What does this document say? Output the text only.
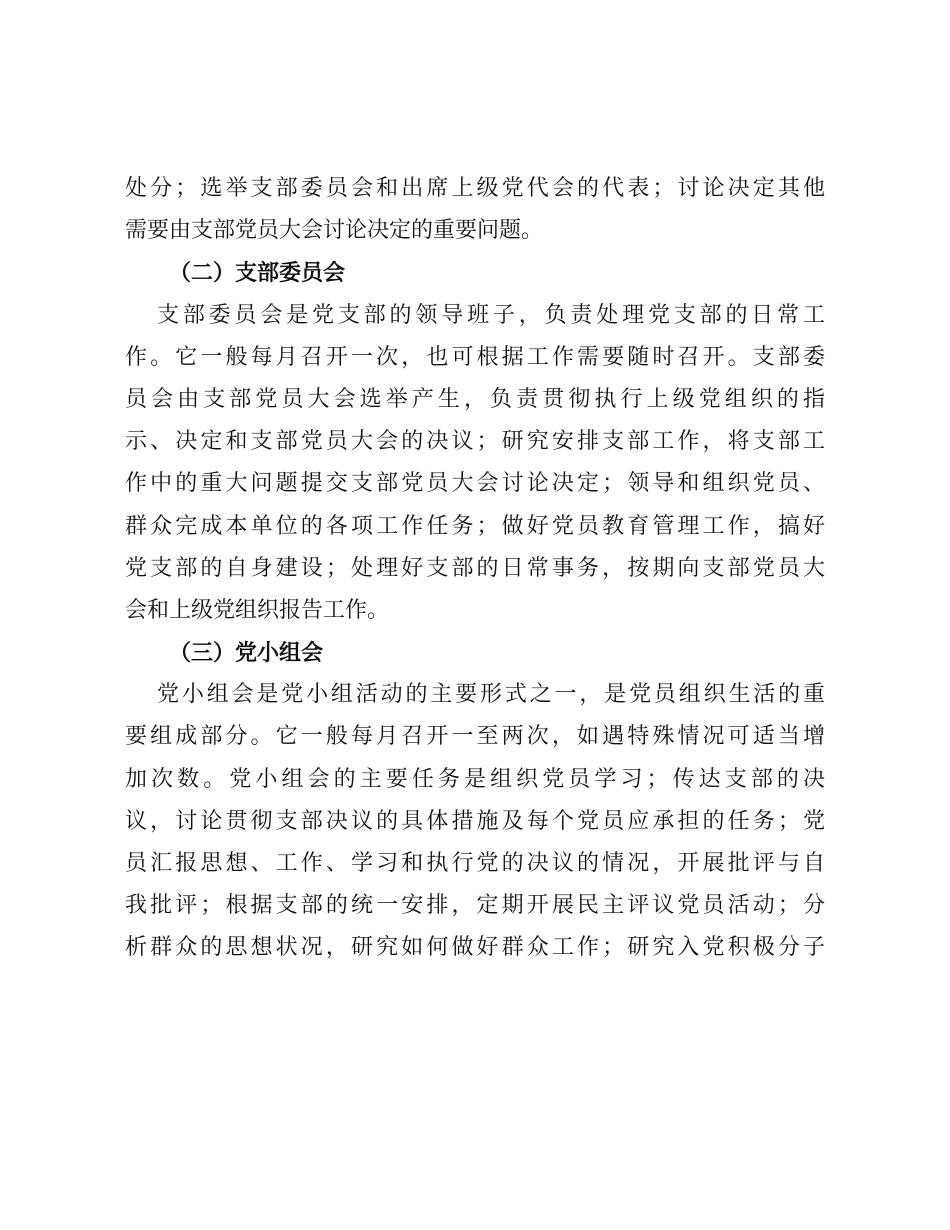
处分；选举支部委员会和出席上级党代会的代表；讨论决定其他
需要由支部党员大会讨论决定的重要问题。
（二）支部委员会
支部委员会是党支部的领导班子，负责处理党支部的日常工
作。它一般每月召开一次，也可根据工作需要随时召开。支部委
员会由支部党员大会选举产生，负责贯彻执行上级党组织的指
示、决定和支部党员大会的决议；研究安排支部工作，将支部工
作中的重大问题提交支部党员大会讨论决定；领导和组织党员、
群众完成本单位的各项工作任务；做好党员教育管理工作，搞好
党支部的自身建设；处理好支部的日常事务，按期向支部党员大
会和上级党组织报告工作。
（三）党小组会
党小组会是党小组活动的主要形式之一，是党员组织生活的重
要组成部分。它一般每月召开一至两次，如遇特殊情况可适当增
加次数。党小组会的主要任务是组织党员学习；传达支部的决
议，讨论贯彻支部决议的具体措施及每个党员应承担的任务；党
员汇报思想、工作、学习和执行党的决议的情况，开展批评与自
我批评；根据支部的统一安排，定期开展民主评议党员活动；分
析群众的思想状况，研究如何做好群众工作；研究入党积极分子
